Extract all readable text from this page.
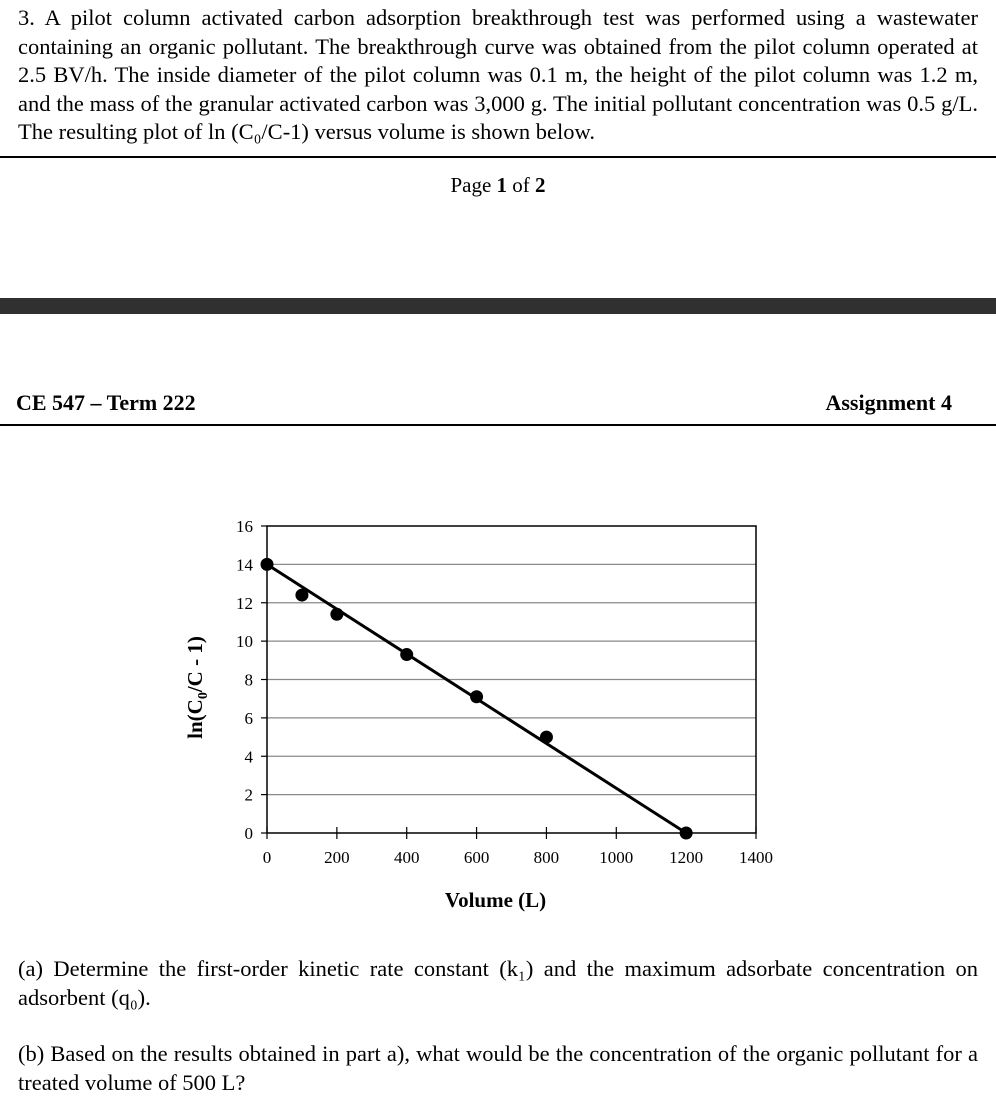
3. A pilot column activated carbon adsorption breakthrough test was performed using a wastewater containing an organic pollutant. The breakthrough curve was obtained from the pilot column operated at 2.5 BV/h. The inside diameter of the pilot column was 0.1 m, the height of the pilot column was 1.2 m, and the mass of the granular activated carbon was 3,000 g. The initial pollutant concentration was 0.5 g/L. The resulting plot of ln (C₀/C-1) versus volume is shown below.

Page 1 of 2
CE 547 – Term 222	Assignment 4
0
2
4
6
8
10
12
14
16
0	200	400	600	800 1000 1200 1400
Volume (L)
$\ln(C_0/C - 1)$

(a) Determine the first-order kinetic rate constant (k₁) and the maximum adsorbate concentration on adsorbent (q₀).

(b) Based on the results obtained in part a), what would be the concentration of the organic pollutant for a treated volume of 500 L?
